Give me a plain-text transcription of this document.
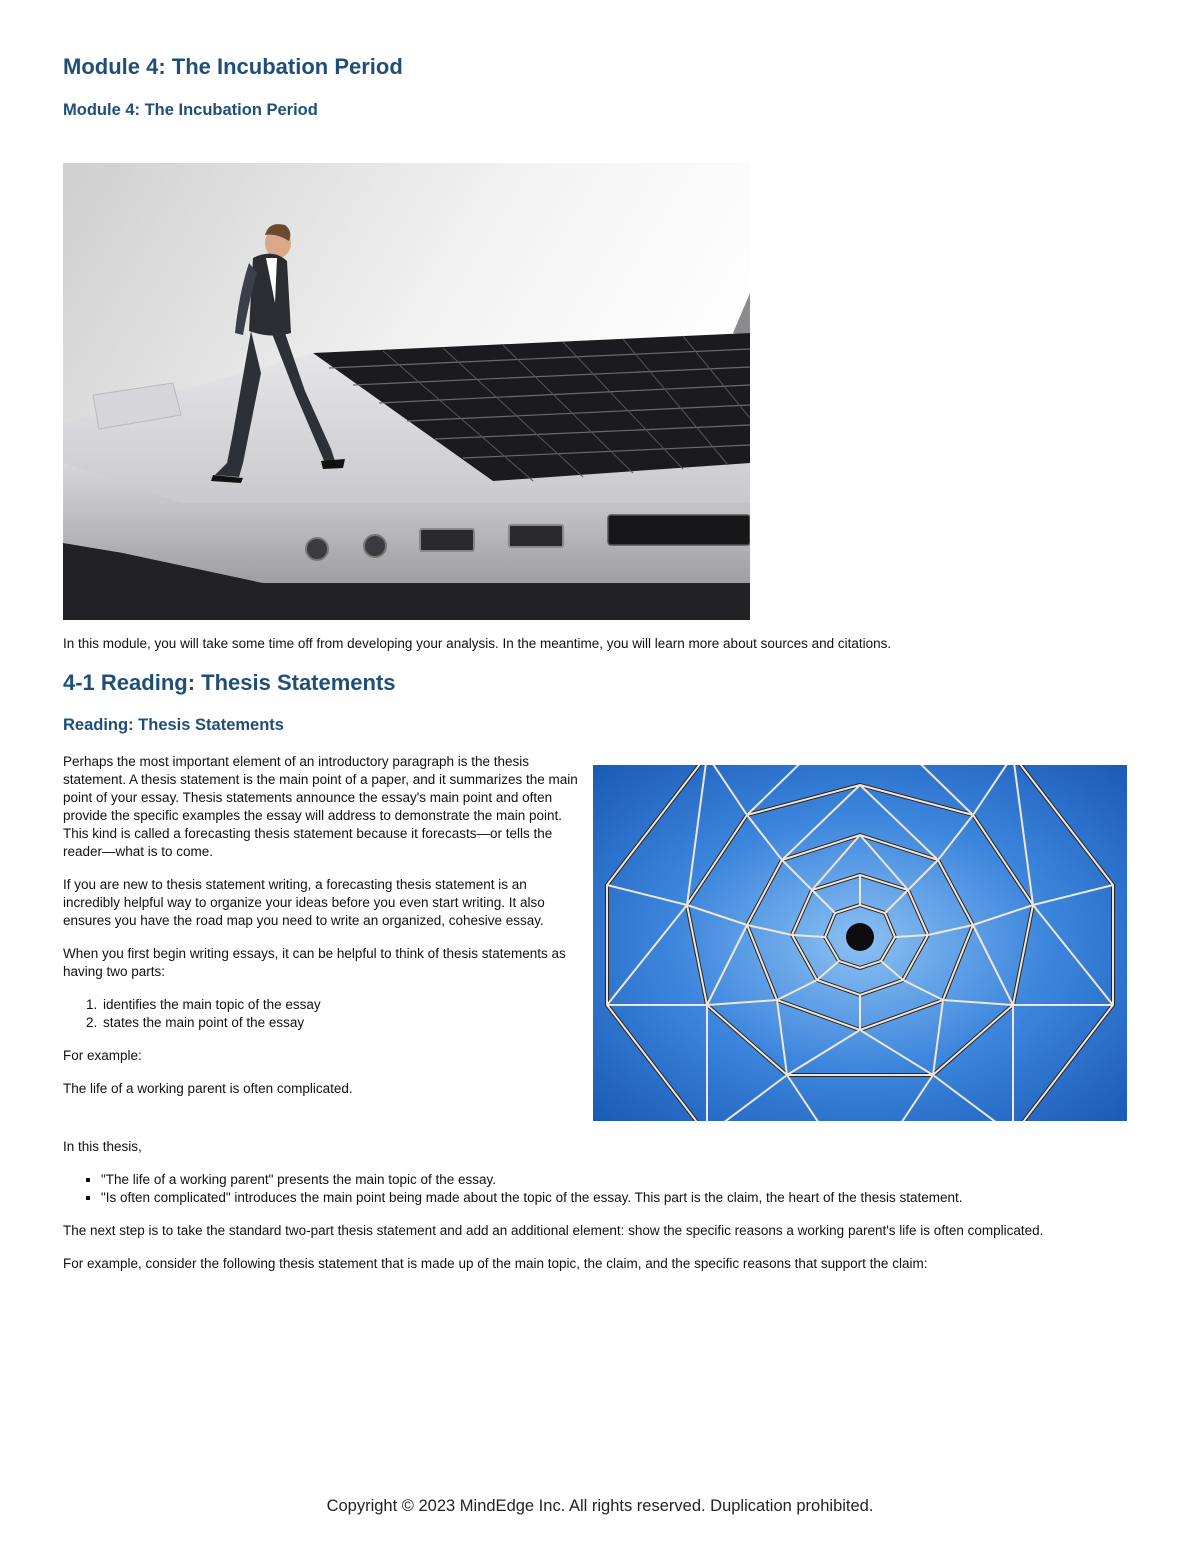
Module 4: The Incubation Period
Module 4: The Incubation Period

In this module, you will take some time off from developing your analysis. In the meantime, you will learn more about sources and citations.

4-1 Reading: Thesis Statements
Reading: Thesis Statements

Perhaps the most important element of an introductory paragraph is the thesis statement. A thesis statement is the main point of a paper, and it summarizes the main point of your essay. Thesis statements announce the essay's main point and often provide the specific examples the essay will address to demonstrate the main point. This kind is called a forecasting thesis statement because it forecasts—or tells the reader—what is to come.

If you are new to thesis statement writing, a forecasting thesis statement is an incredibly helpful way to organize your ideas before you even start writing. It also ensures you have the road map you need to write an organized, cohesive essay.

When you first begin writing essays, it can be helpful to think of thesis statements as having two parts:

1. identifies the main topic of the essay
2. states the main point of the essay

For example:

The life of a working parent is often complicated.

In this thesis,

▪ "The life of a working parent" presents the main topic of the essay.
▪ "Is often complicated" introduces the main point being made about the topic of the essay. This part is the claim, the heart of the thesis statement.

The next step is to take the standard two-part thesis statement and add an additional element: show the specific reasons a working parent's life is often complicated.

For example, consider the following thesis statement that is made up of the main topic, the claim, and the specific reasons that support the claim:

Copyright © 2023 MindEdge Inc. All rights reserved. Duplication prohibited.
